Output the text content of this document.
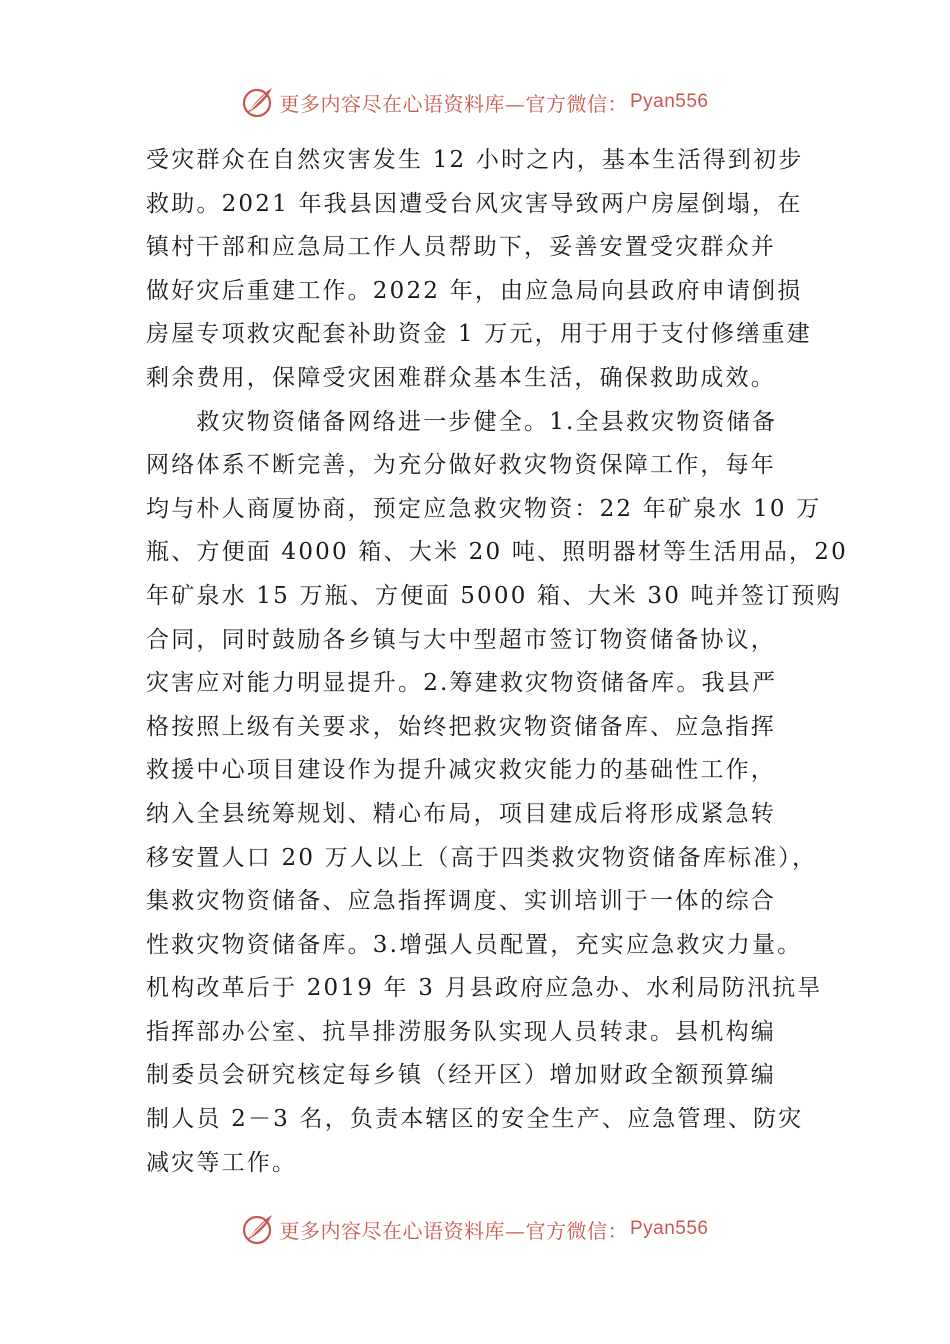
更多内容尽在心语资料库—官方微信： Pyan556
受灾群众在自然灾害发生 12 小时之内，基本生活得到初步
救助。2021 年我县因遭受台风灾害导致两户房屋倒塌，在
镇村干部和应急局工作人员帮助下，妥善安置受灾群众并
做好灾后重建工作。2022 年，由应急局向县政府申请倒损
房屋专项救灾配套补助资金 1 万元，用于用于支付修缮重建
剩余费用，保障受灾困难群众基本生活，确保救助成效。
　　救灾物资储备网络进一步健全。1.全县救灾物资储备
网络体系不断完善，为充分做好救灾物资保障工作，每年
均与朴人商厦协商，预定应急救灾物资：22 年矿泉水 10 万
瓶、方便面 4000 箱、大米 20 吨、照明器材等生活用品，20
年矿泉水 15 万瓶、方便面 5000 箱、大米 30 吨并签订预购
合同，同时鼓励各乡镇与大中型超市签订物资储备协议，
灾害应对能力明显提升。2.筹建救灾物资储备库。我县严
格按照上级有关要求，始终把救灾物资储备库、应急指挥
救援中心项目建设作为提升减灾救灾能力的基础性工作，
纳入全县统筹规划、精心布局，项目建成后将形成紧急转
移安置人口 20 万人以上（高于四类救灾物资储备库标准），
集救灾物资储备、应急指挥调度、实训培训于一体的综合
性救灾物资储备库。3.增强人员配置，充实应急救灾力量。
机构改革后于 2019 年 3 月县政府应急办、水利局防汛抗旱
指挥部办公室、抗旱排涝服务队实现人员转隶。县机构编
制委员会研究核定每乡镇（经开区）增加财政全额预算编
制人员 2－3 名，负责本辖区的安全生产、应急管理、防灾
减灾等工作。
更多内容尽在心语资料库—官方微信： Pyan556
